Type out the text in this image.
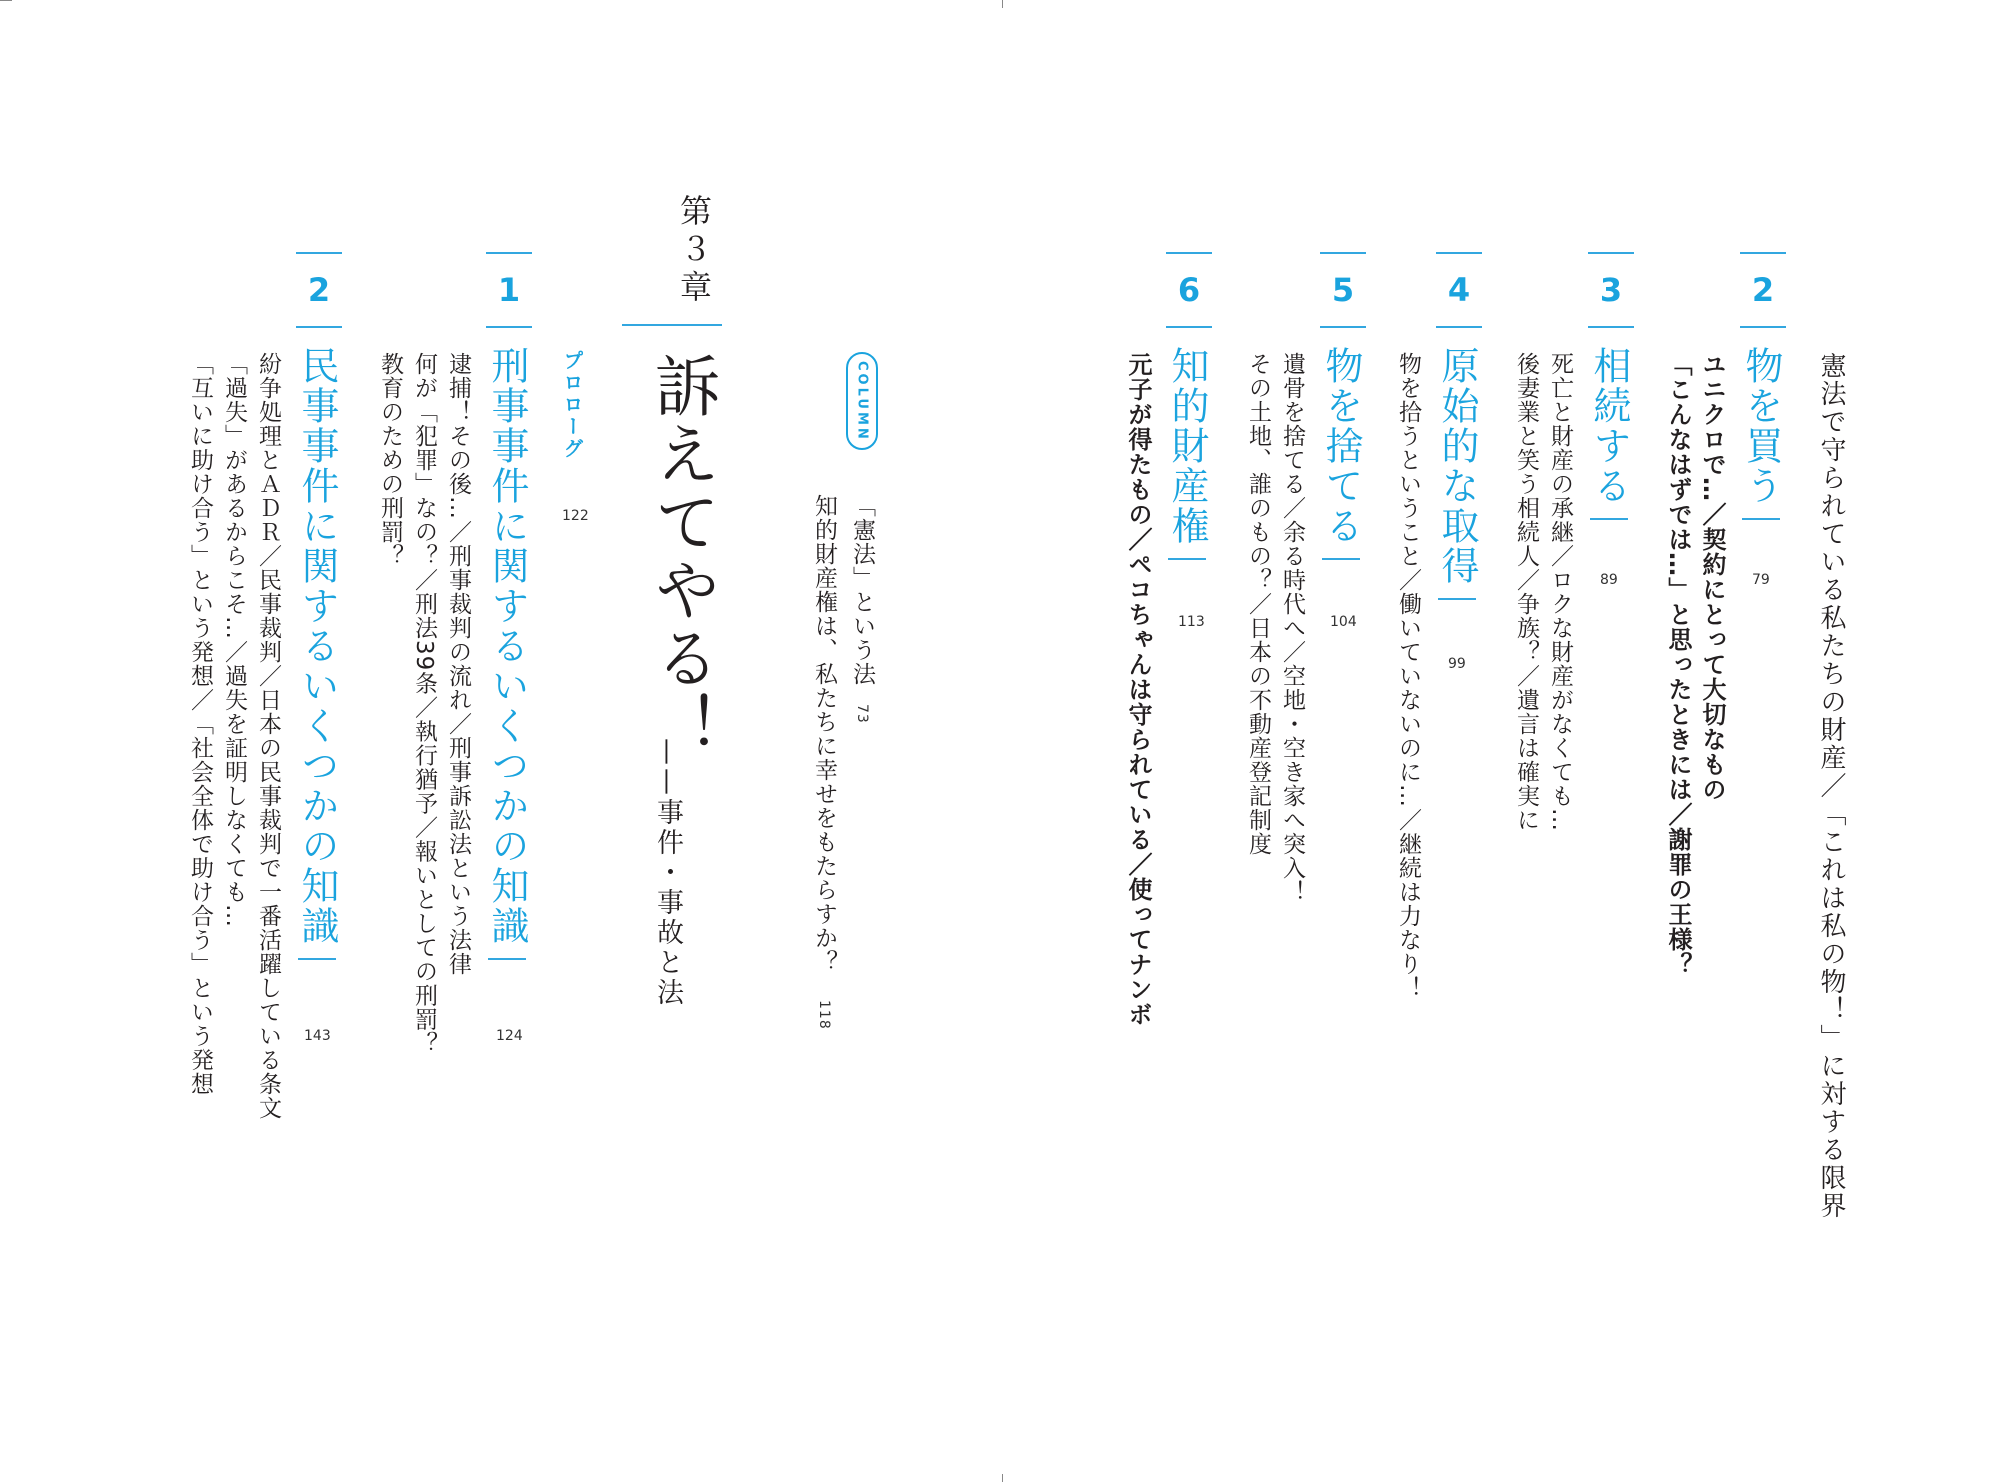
憲法で守られている私たちの財産／「これは私の物！」に対する限界
2
物を買う
79
ユニクロで…／契約にとって大切なもの
「こんなはずでは…」と思ったときには／謝罪の王様？
3
相続する
89
死亡と財産の承継／ロクな財産がなくても…
後妻業と笑う相続人／争族？／遺言は確実に
4
原始的な取得
99
物を拾うということ／働いていないのに…／継続は力なり！
5
物を捨てる
104
遺骨を捨てる／余る時代へ／空地・空き家へ突入！
その土地、誰のもの？／日本の不動産登記制度
6
知的財産権
113
元子が得たもの／ペコちゃんは守られている／使ってナンボ
COLUMN
「憲法」という法73
知的財産権は、私たちに幸せをもたらすか？118
第３章
訴えてやる！
——事件・事故と法
プロローグ
122
1
刑事事件に関するいくつかの知識
124
逮捕！その後…／刑事裁判の流れ／刑事訴訟法という法律
何が「犯罪」なの？／刑法39条／執行猶予／報いとしての刑罰？
教育のための刑罰？
2
民事事件に関するいくつかの知識
143
紛争処理とＡＤＲ／民事裁判／日本の民事裁判で一番活躍している条文
「過失」があるからこそ…／過失を証明しなくても…
「互いに助け合う」という発想／「社会全体で助け合う」という発想
